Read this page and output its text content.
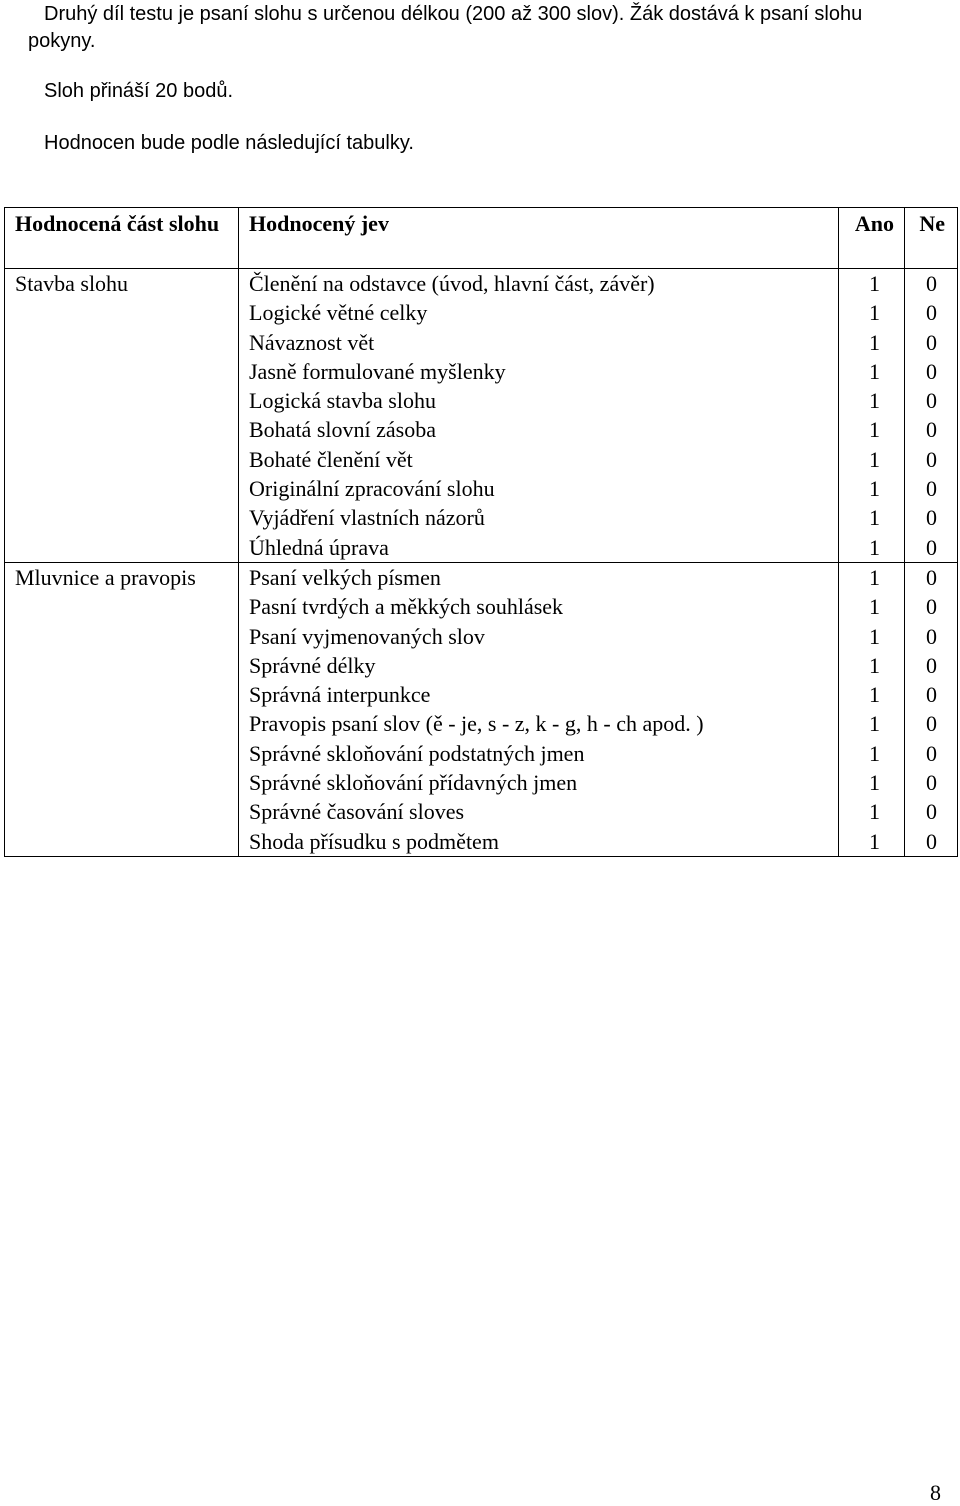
Druhý díl testu je psaní slohu s určenou délkou (200 až 300 slov). Žák dostává k psaní slohu
pokyny.
Sloh přináší 20 bodů.
Hodnocen bude podle následující tabulky.
Hodnocená část slohu	Hodnocený jev	Ano	Ne
Stavba slohu	Členění na odstavce (úvod, hlavní část, závěr)	1	0
	Logické větné celky	1	0
	Návaznost vět	1	0
	Jasně formulované myšlenky	1	0
	Logická stavba slohu	1	0
	Bohatá slovní zásoba	1	0
	Bohaté členění vět	1	0
	Originální zpracování slohu	1	0
	Vyjádření vlastních názorů	1	0
	Úhledná úprava	1	0
Mluvnice a pravopis	Psaní velkých písmen	1	0
	Pasní tvrdých a měkkých souhlásek	1	0
	Psaní vyjmenovaných slov	1	0
	Správné délky	1	0
	Správná interpunkce	1	0
	Pravopis psaní slov (ě - je, s - z, k - g, h - ch apod. )	1	0
	Správné skloňování podstatných jmen	1	0
	Správné skloňování přídavných jmen	1	0
	Správné časování sloves	1	0
	Shoda přísudku s podmětem	1	0
8
